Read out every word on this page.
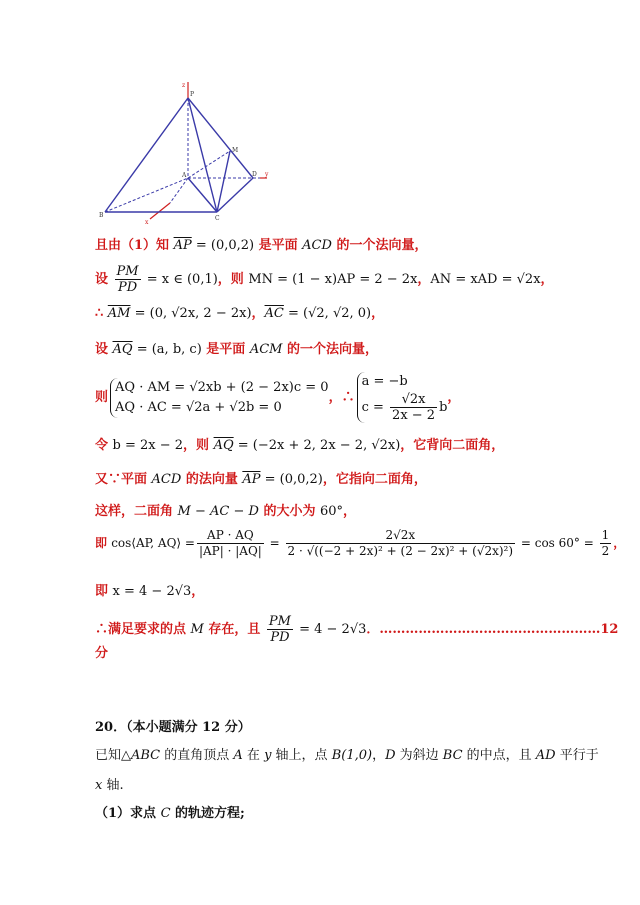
z
P
M
D y
A
B	C
x
且由（1）知 $\overline{AP} = (0,0,2)$ 是平面 ACD 的一个法向量，
设 $\frac{PM}{PD} = x$ ∈ (0,1)，则 MN = (1 − x)AP = 2 − 2x，AN = xAD = √2x，
∴ $\overline{AM} = (0$, √2x, 2 − 2x)，$\overline{AC} = (√2$, √2, 0)，
设 $\overline{AQ} = (a$, b, c) 是平面 ACM 的一个法向量，
则
AQ · AM = √2xb + (2 − 2x)c = 0
AQ · AC = √2a + √2b = 0
，∴
a = −b
$c = \frac{√2x}{2x - 2}$ b
，
令 b = 2x − 2，则 $\overline{AQ} = (-2x + 2$, 2x − 2, √2x)，它背向二面角，
又∵平面 ACD 的法向量 $\overline{AP} = (0,0,2)$，它指向二面角，
这样，二面角 M − AC − D 的大小为 60°，
即 cos⟨AP, AQ⟩ = $\frac{AP \cdot AQ}{|AP| \cdot |AQ|} = \frac{2√2x}{\text{2 · √((−2 + 2x)² + (2 − 2x)² + (√2x)²)}} = \cos 60^\circ = \frac{1}{2}$ ，
即 x = 4 − 2√3，
∴满足要求的点 M 存在，且 $\frac{PM}{PD} = 4 - 2√3$．……………………………………………12
分
20．（本小题满分 12 分）
已知△ABC 的直角顶点 A 在 y 轴上，点 B(1,0)，D 为斜边 BC 的中点，且 AD 平行于
x 轴.
（1）求点 C 的轨迹方程;
